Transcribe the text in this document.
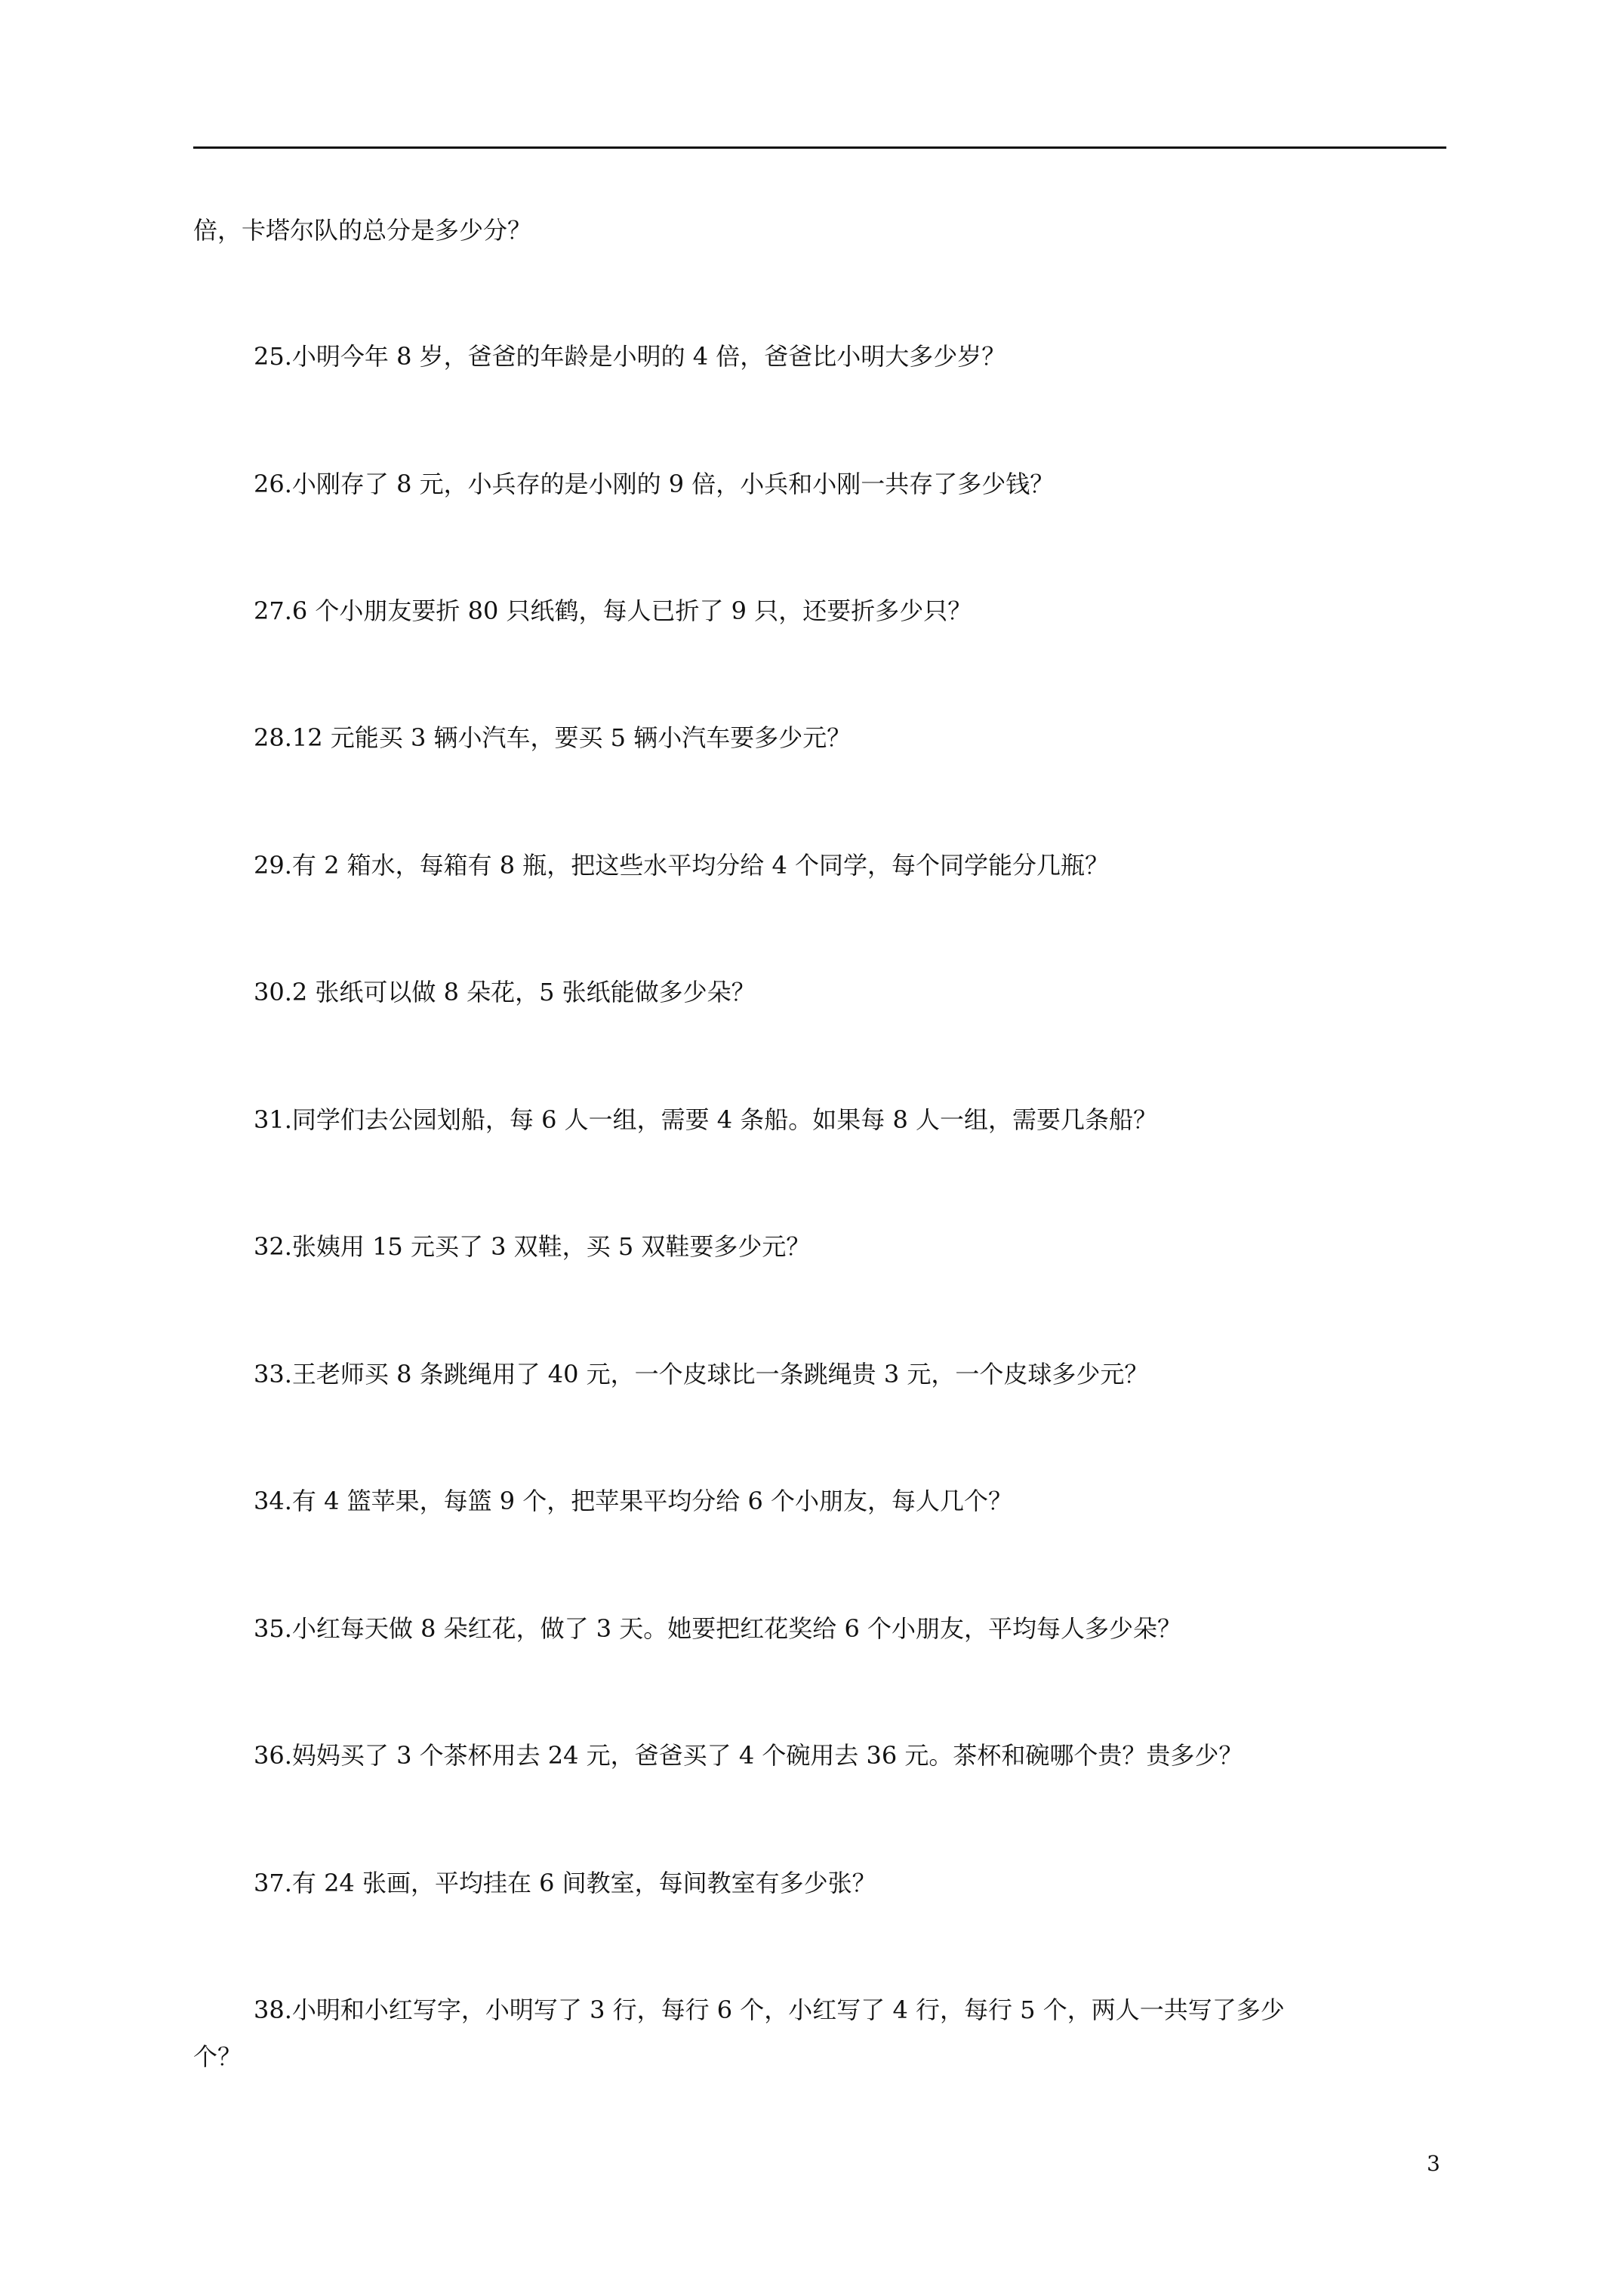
倍，卡塔尔队的总分是多少分？
25.小明今年 8 岁，爸爸的年龄是小明的 4 倍，爸爸比小明大多少岁？
26.小刚存了 8 元，小兵存的是小刚的 9 倍，小兵和小刚一共存了多少钱？
27.6 个小朋友要折 80 只纸鹤，每人已折了 9 只，还要折多少只？
28.12 元能买 3 辆小汽车，要买 5 辆小汽车要多少元？
29.有 2 箱水，每箱有 8 瓶，把这些水平均分给 4 个同学，每个同学能分几瓶？
30.2 张纸可以做 8 朵花，5 张纸能做多少朵？
31.同学们去公园划船，每 6 人一组，需要 4 条船。如果每 8 人一组，需要几条船？
32.张姨用 15 元买了 3 双鞋，买 5 双鞋要多少元？
33.王老师买 8 条跳绳用了 40 元，一个皮球比一条跳绳贵 3 元，一个皮球多少元？
34.有 4 篮苹果，每篮 9 个，把苹果平均分给 6 个小朋友，每人几个？
35.小红每天做 8 朵红花，做了 3 天。她要把红花奖给 6 个小朋友，平均每人多少朵？
36.妈妈买了 3 个茶杯用去 24 元，爸爸买了 4 个碗用去 36 元。茶杯和碗哪个贵？贵多少？
37.有 24 张画，平均挂在 6 间教室，每间教室有多少张？
38.小明和小红写字，小明写了 3 行，每行 6 个，小红写了 4 行，每行 5 个，两人一共写了多少
个？
3
